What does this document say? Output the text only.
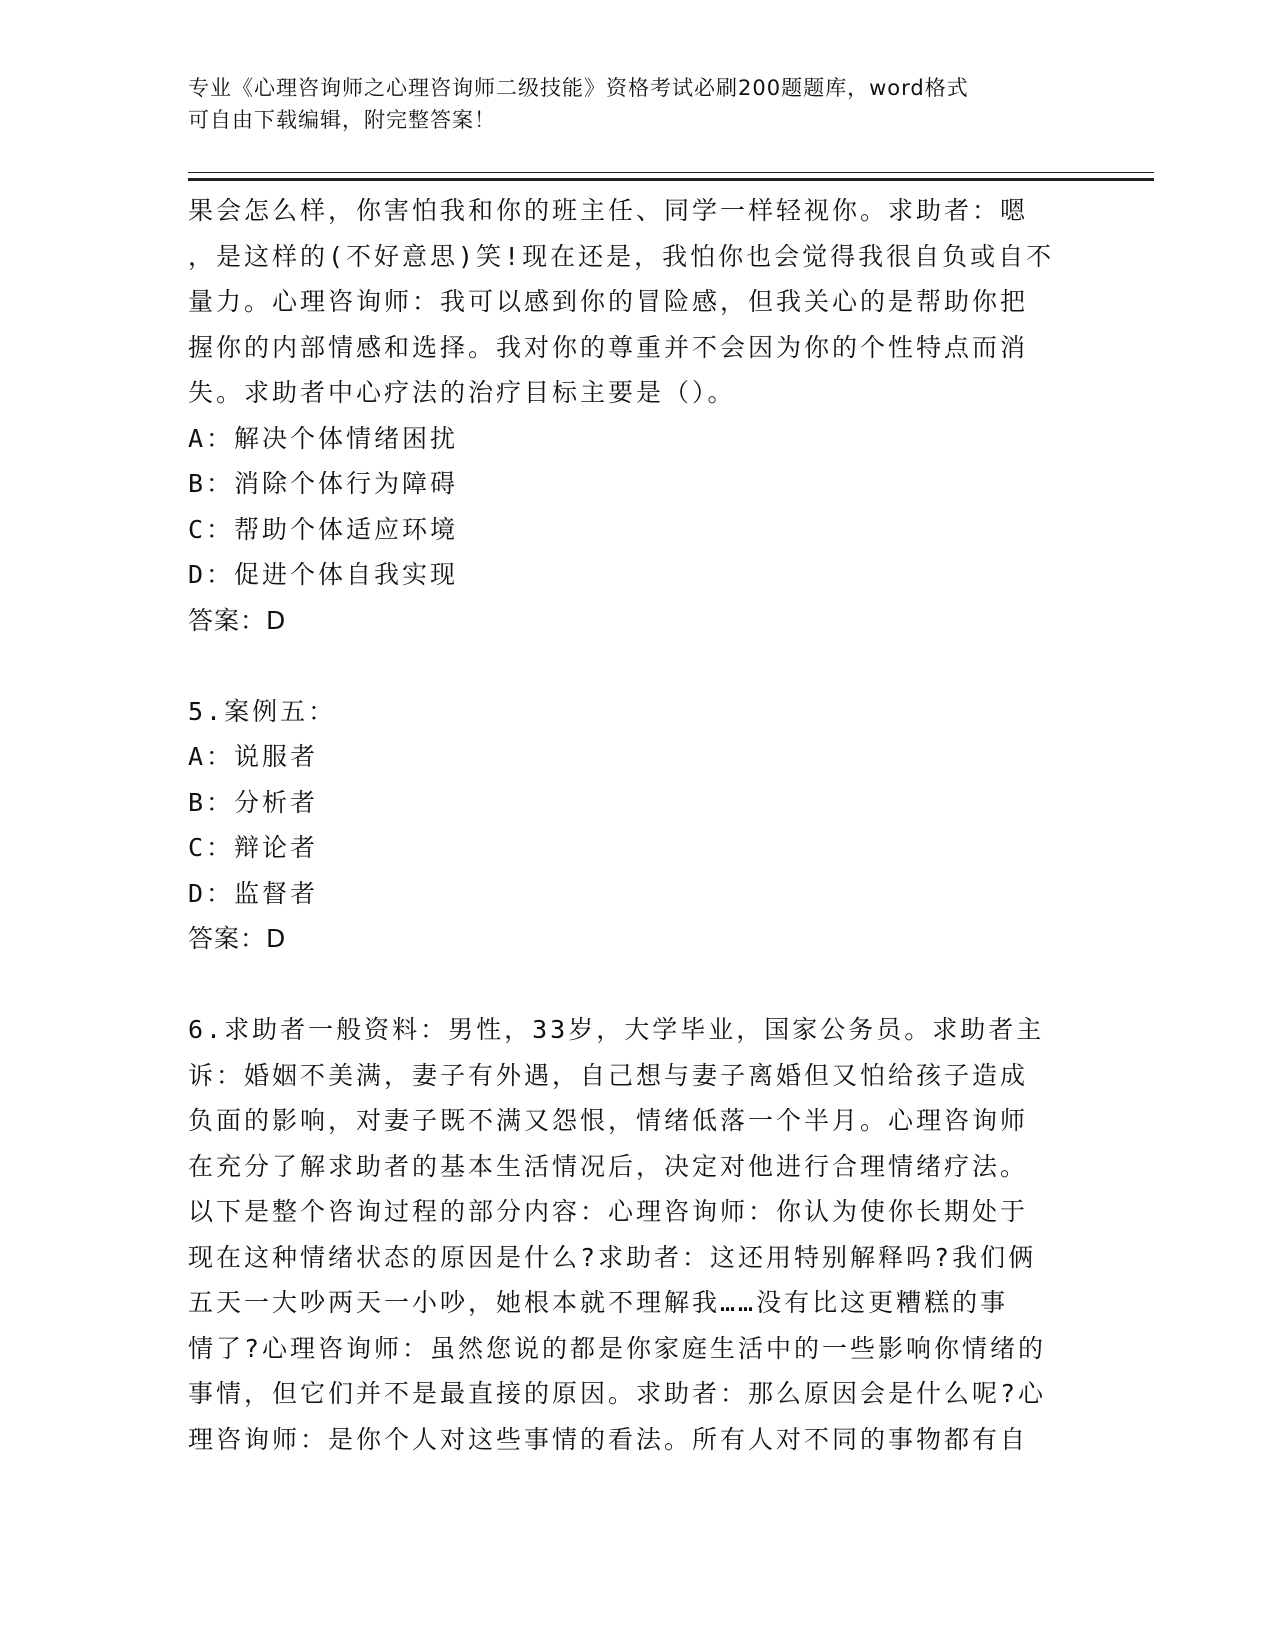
专业《心理咨询师之心理咨询师二级技能》资格考试必刷200题题库，word格式
可自由下载编辑，附完整答案！
果会怎么样，你害怕我和你的班主任、同学一样轻视你。求助者：嗯
，是这样的(不好意思)笑!现在还是，我怕你也会觉得我很自负或自不
量力。心理咨询师：我可以感到你的冒险感，但我关心的是帮助你把
握你的内部情感和选择。我对你的尊重并不会因为你的个性特点而消
失。求助者中心疗法的治疗目标主要是（）。
A：解决个体情绪困扰
B：消除个体行为障碍
C：帮助个体适应环境
D：促进个体自我实现
答案：D
5.案例五：
A：说服者
B：分析者
C：辩论者
D：监督者
答案：D
6.求助者一般资料：男性，33岁，大学毕业，国家公务员。求助者主
诉：婚姻不美满，妻子有外遇，自己想与妻子离婚但又怕给孩子造成
负面的影响，对妻子既不满又怨恨，情绪低落一个半月。心理咨询师
在充分了解求助者的基本生活情况后，决定对他进行合理情绪疗法。
以下是整个咨询过程的部分内容：心理咨询师：你认为使你长期处于
现在这种情绪状态的原因是什么?求助者：这还用特别解释吗?我们俩
五天一大吵两天一小吵，她根本就不理解我……没有比这更糟糕的事
情了?心理咨询师：虽然您说的都是你家庭生活中的一些影响你情绪的
事情，但它们并不是最直接的原因。求助者：那么原因会是什么呢?心
理咨询师：是你个人对这些事情的看法。所有人对不同的事物都有自
